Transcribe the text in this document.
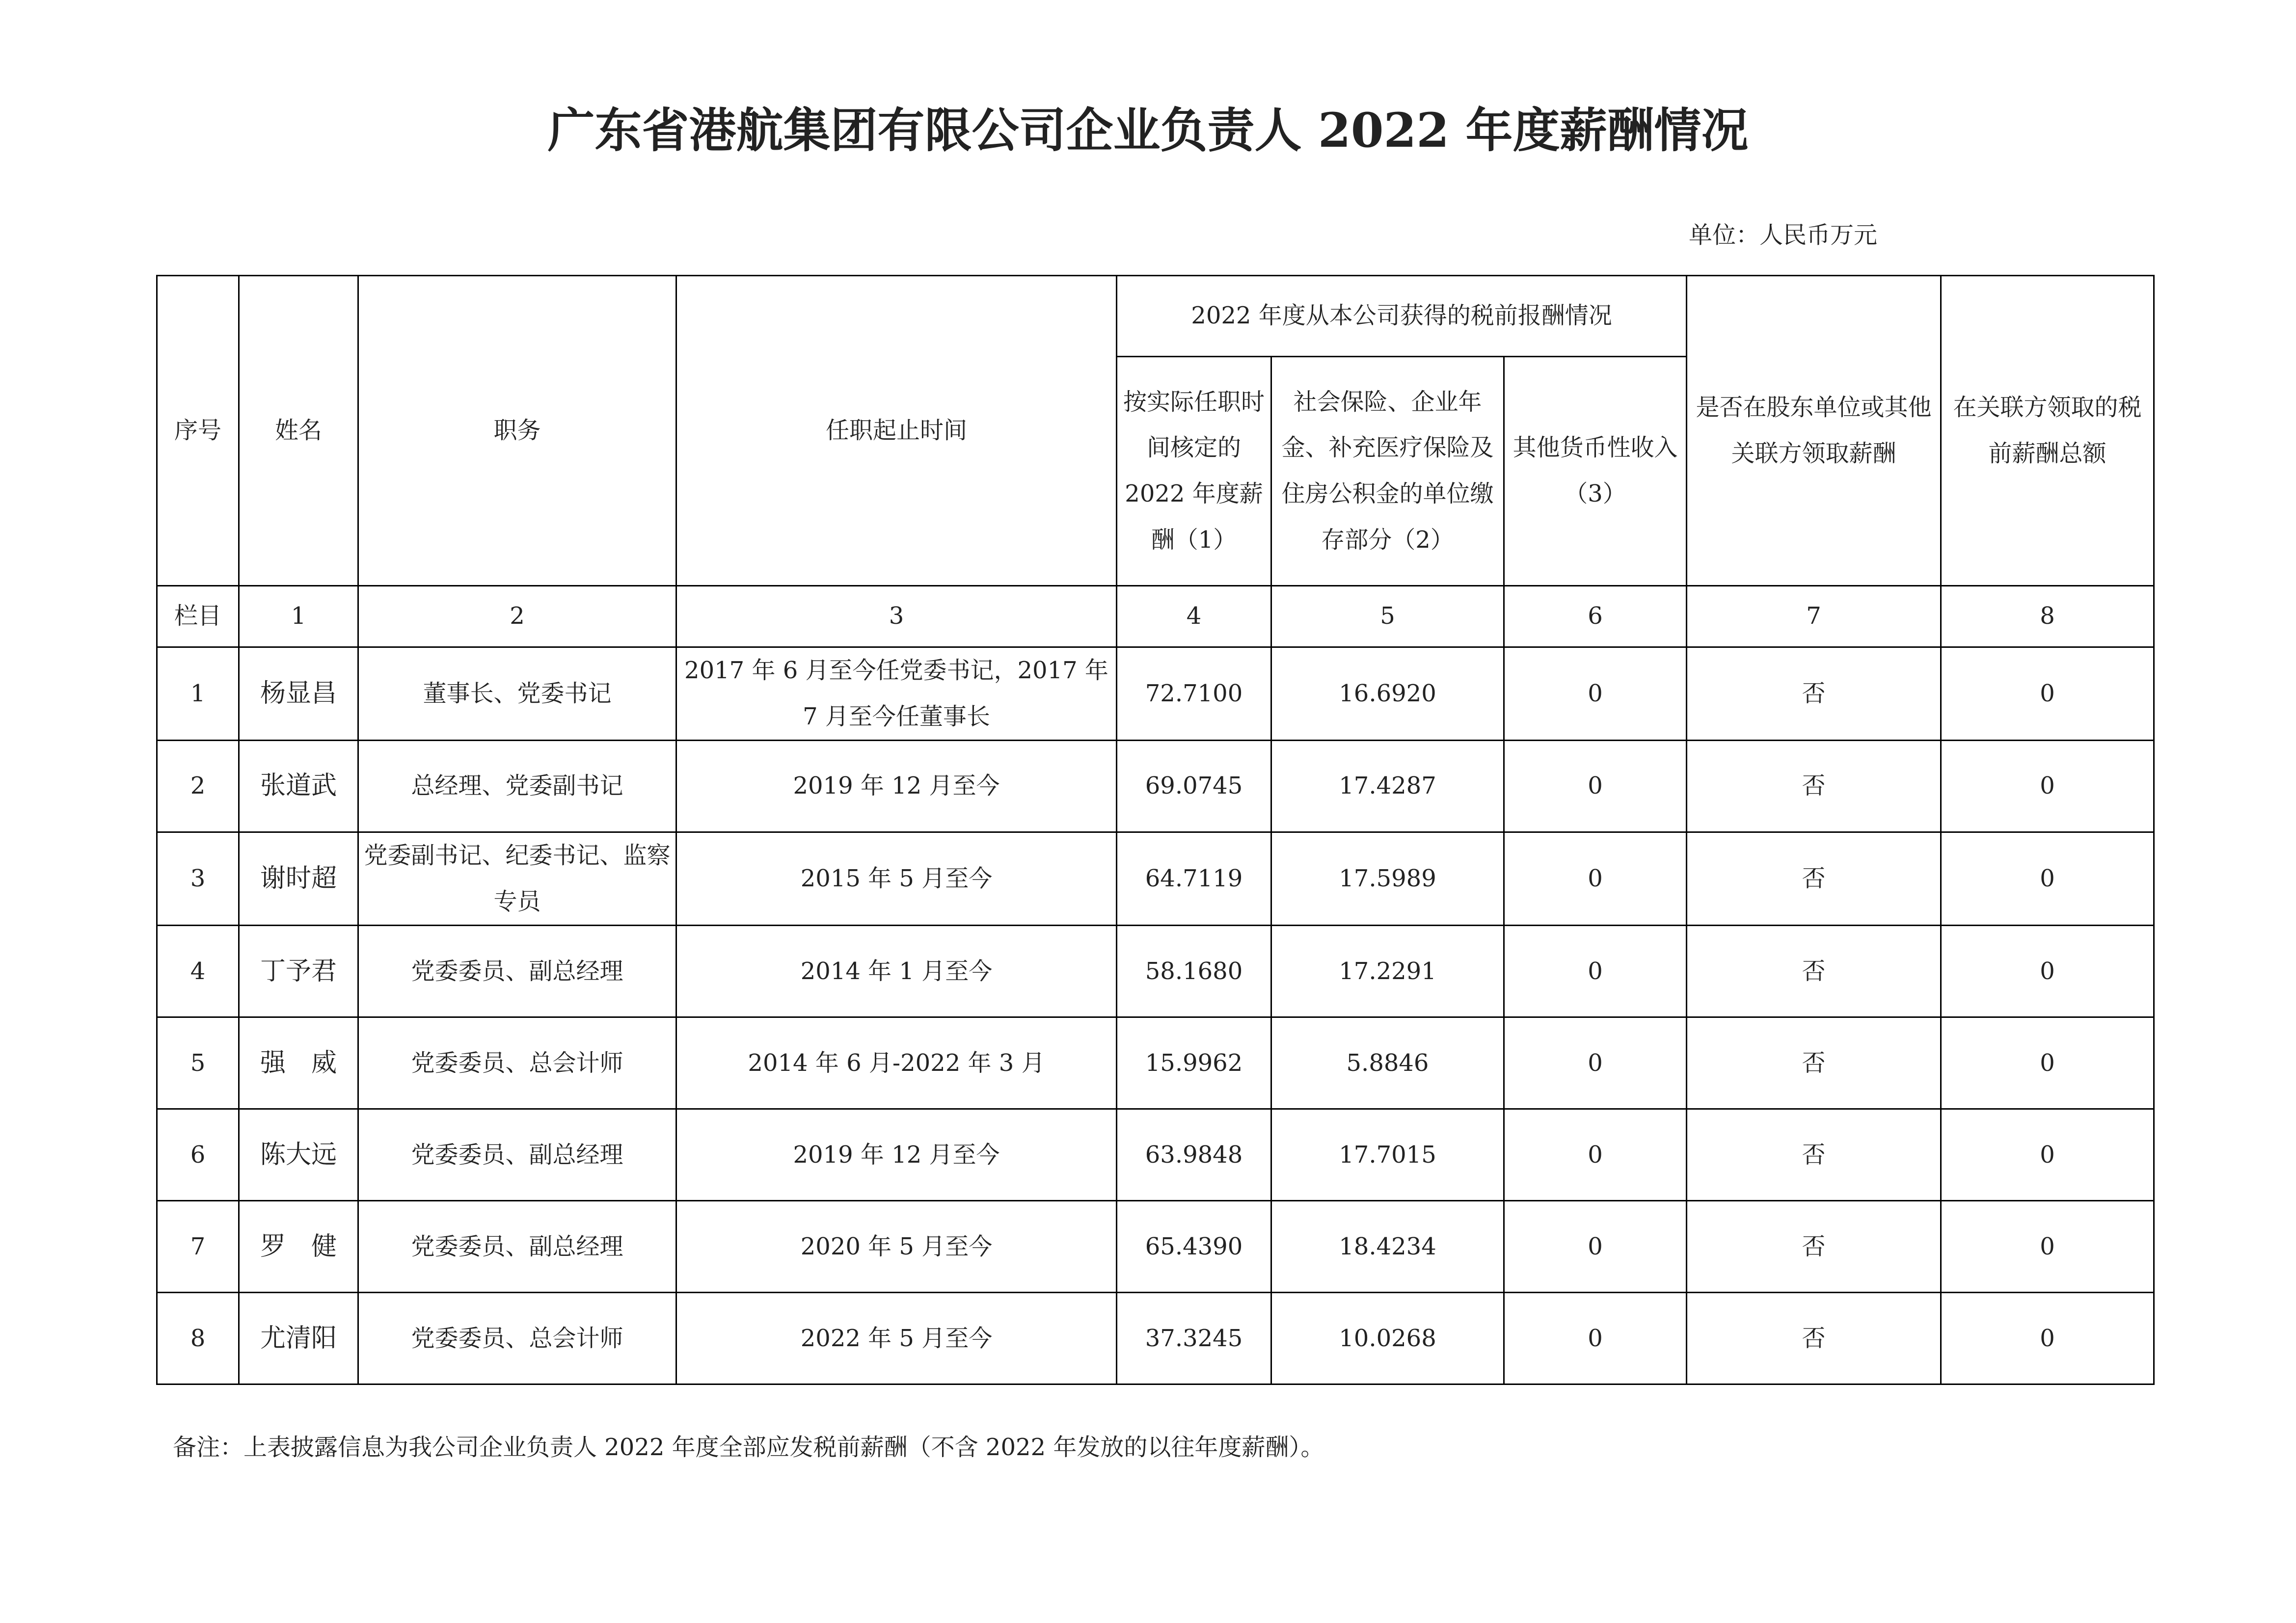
广东省港航集团有限公司企业负责人 2022 年度薪酬情况
单位：人民币万元
序号	姓名	职务	任职起止时间	2022 年度从本公司获得的税前报酬情况			是否在股东单位或其他关联方领取薪酬	在关联方领取的税前薪酬总额
				按实际任职时间核定的 2022 年度薪酬（1）	社会保险、企业年金、补充医疗保险及住房公积金的单位缴存部分（2）	其他货币性收入（3）		
栏目	1	2	3	4	5	6	7	8
1	杨显昌	董事长、党委书记	2017 年 6 月至今任党委书记，2017 年 7 月至今任董事长	72.7100	16.6920	0	否	0
2	张道武	总经理、党委副书记	2019 年 12 月至今	69.0745	17.4287	0	否	0
3	谢时超	党委副书记、纪委书记、监察专员	2015 年 5 月至今	64.7119	17.5989	0	否	0
4	丁予君	党委委员、副总经理	2014 年 1 月至今	58.1680	17.2291	0	否	0
5	强　威	党委委员、总会计师	2014 年 6 月-2022 年 3 月	15.9962	5.8846	0	否	0
6	陈大远	党委委员、副总经理	2019 年 12 月至今	63.9848	17.7015	0	否	0
7	罗　健	党委委员、副总经理	2020 年 5 月至今	65.4390	18.4234	0	否	0
8	尤清阳	党委委员、总会计师	2022 年 5 月至今	37.3245	10.0268	0	否	0
备注：上表披露信息为我公司企业负责人 2022 年度全部应发税前薪酬（不含 2022 年发放的以往年度薪酬）。
